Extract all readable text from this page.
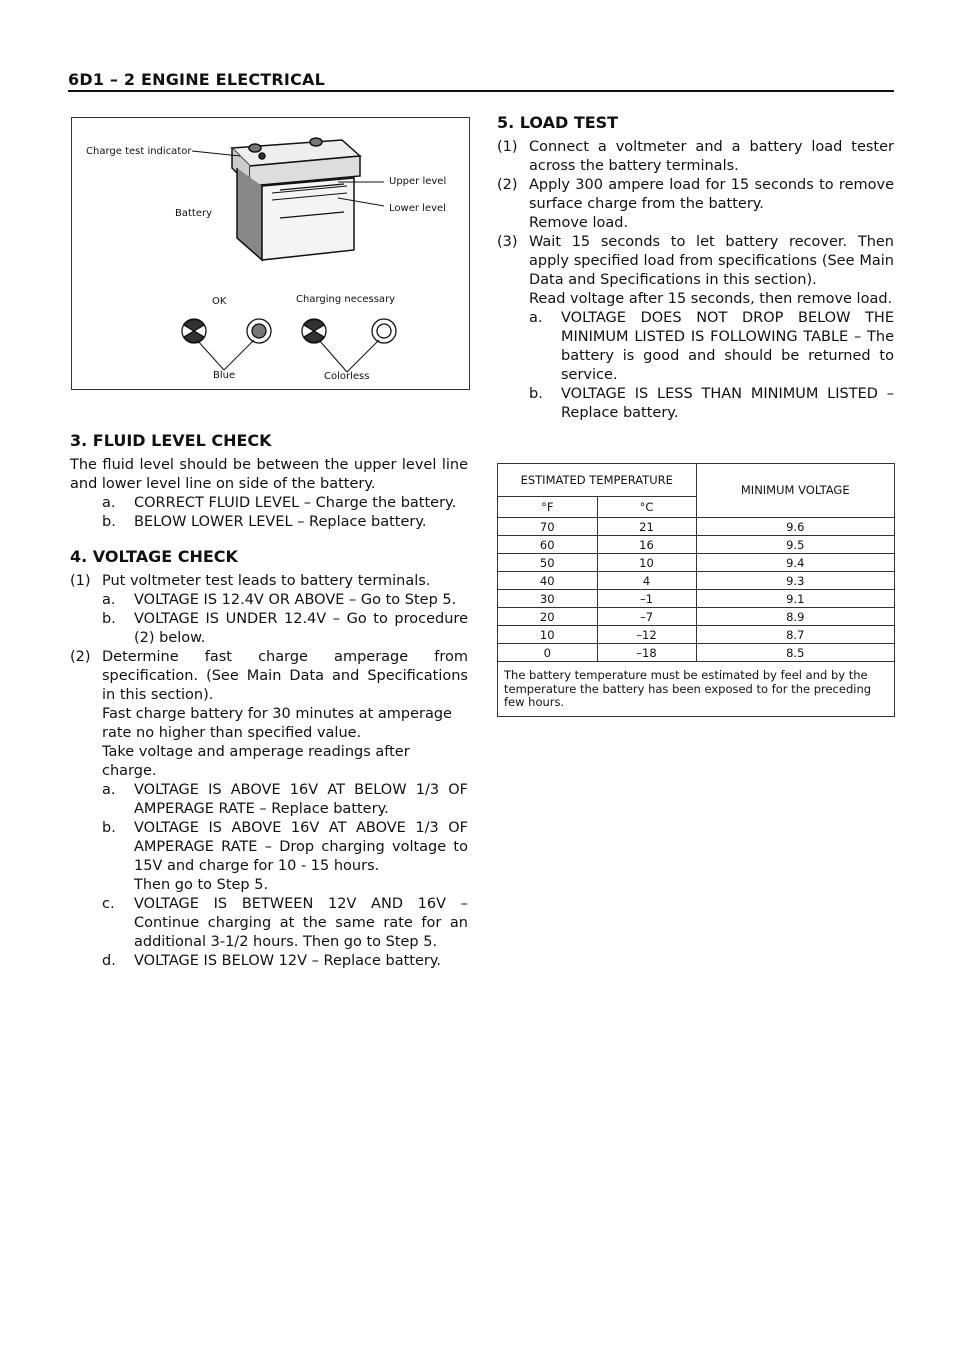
6D1 – 2 ENGINE ELECTRICAL
Charge test indicator
Upper level
Lower level
Battery
OK	Charging necessary
Blue	Colorless
3. FLUID LEVEL CHECK

The fluid level should be between the upper level line and lower level line on side of the battery.

a.	CORRECT FLUID LEVEL – Charge the battery.
b.	BELOW LOWER LEVEL – Replace battery.
4. VOLTAGE CHECK
(1) Put voltmeter test leads to battery terminals.
a.	VOLTAGE IS 12.4V OR ABOVE – Go to Step 5.
b.	VOLTAGE IS UNDER 12.4V – Go to procedure (2) below.
(2) Determine fast charge amperage from specification. (See Main Data and Specifications in this section).
Fast charge battery for 30 minutes at amperage rate no higher than specified value.
Take voltage and amperage readings after charge.
a.	VOLTAGE IS ABOVE 16V AT BELOW 1/3 OF AMPERAGE RATE – Replace battery.
b.	VOLTAGE IS ABOVE 16V AT ABOVE 1/3 OF AMPERAGE RATE – Drop charging voltage to 15V and charge for 10 - 15 hours.
Then go to Step 5.
c.	VOLTAGE IS BETWEEN 12V AND 16V – Continue charging at the same rate for an additional 3-1/2 hours. Then go to Step 5.
d.	VOLTAGE IS BELOW 12V – Replace battery.
5. LOAD TEST
(1) Connect a voltmeter and a battery load tester across the battery terminals.
(2) Apply 300 ampere load for 15 seconds to remove surface charge from the battery.
Remove load.
(3) Wait 15 seconds to let battery recover. Then apply specified load from specifications (See Main Data and Specifications in this section).
Read voltage after 15 seconds, then remove load.
a.	VOLTAGE DOES NOT DROP BELOW THE MINIMUM LISTED IS FOLLOWING TABLE – The battery is good and should be returned to service.
b.	VOLTAGE IS LESS THAN MINIMUM LISTED – Replace battery.
ESTIMATED TEMPERATURE		MINIMUM VOLTAGE
°F	°C	
70	21	9.6
60	16	9.5
50	10	9.4
40	4	9.3
30	–1	9.1
20	–7	8.9
10	–12	8.7
0	–18	8.5
The battery temperature must be estimated by feel and by the temperature the battery has been exposed to for the preceding few hours.
